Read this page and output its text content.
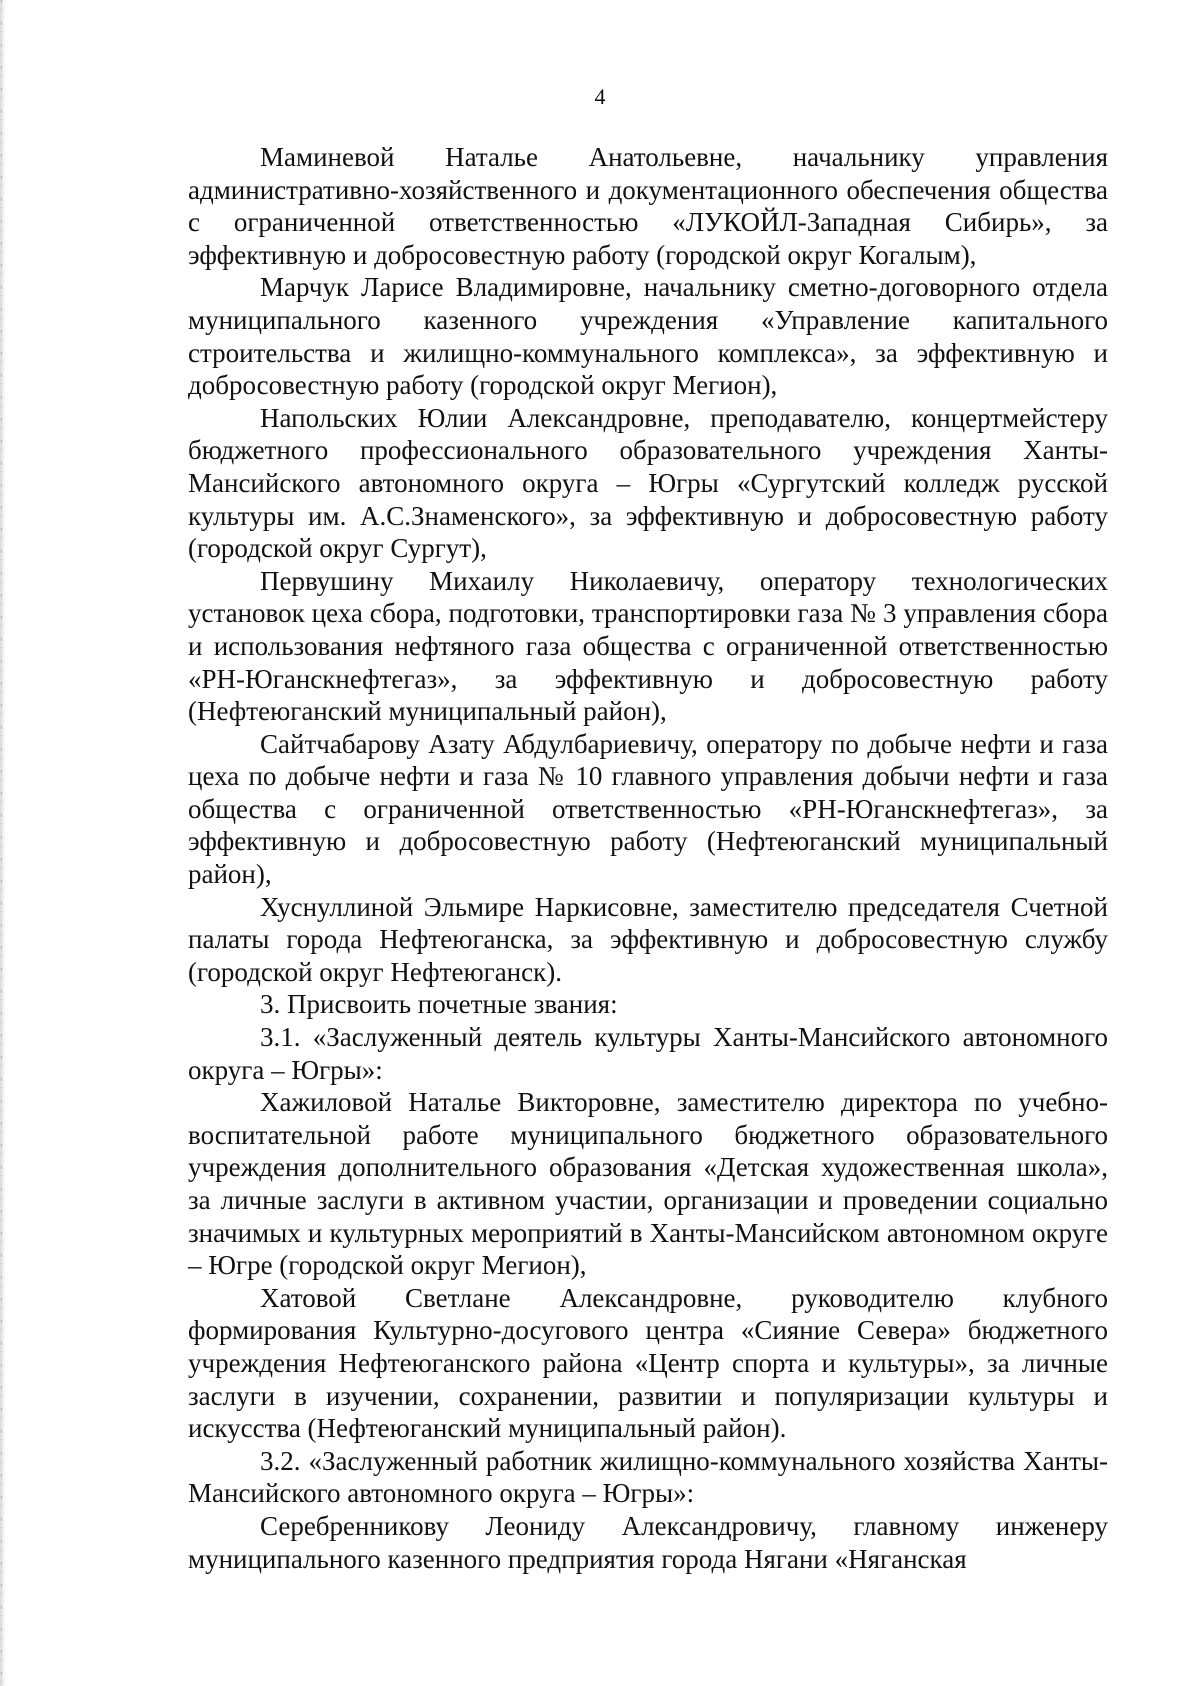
4

Маминевой Наталье Анатольевне, начальнику управления административно-хозяйственного и документационного обеспечения общества с ограниченной ответственностью «ЛУКОЙЛ-Западная Сибирь», за эффективную и добросовестную работу (городской округ Когалым),

Марчук Ларисе Владимировне, начальнику сметно-договорного отдела муниципального казенного учреждения «Управление капитального строительства и жилищно-коммунального комплекса», за эффективную и добросовестную работу (городской округ Мегион),

Напольских Юлии Александровне, преподавателю, концертмейстеру бюджетного профессионального образовательного учреждения Ханты-Мансийского автономного округа – Югры «Сургутский колледж русской культуры им. А.С.Знаменского», за эффективную и добросовестную работу (городской округ Сургут),

Первушину Михаилу Николаевичу, оператору технологических установок цеха сбора, подготовки, транспортировки газа № 3 управления сбора и использования нефтяного газа общества с ограниченной ответственностью «РН-Юганскнефтегаз», за эффективную и добросовестную работу (Нефтеюганский муниципальный район),

Сайтчабарову Азату Абдулбариевичу, оператору по добыче нефти и газа цеха по добыче нефти и газа № 10 главного управления добычи нефти и газа общества с ограниченной ответственностью «РН-Юганскнефтегаз», за эффективную и добросовестную работу (Нефтеюганский муниципальный район),

Хуснуллиной Эльмире Наркисовне, заместителю председателя Счетной палаты города Нефтеюганска, за эффективную и добросовестную службу (городской округ Нефтеюганск).

3. Присвоить почетные звания:

3.1. «Заслуженный деятель культуры Ханты-Мансийского автономного округа – Югры»:

Хажиловой Наталье Викторовне, заместителю директора по учебно-воспитательной работе муниципального бюджетного образовательного учреждения дополнительного образования «Детская художественная школа», за личные заслуги в активном участии, организации и проведении социально значимых и культурных мероприятий в Ханты-Мансийском автономном округе – Югре (городской округ Мегион),

Хатовой Светлане Александровне, руководителю клубного формирования Культурно-досугового центра «Сияние Севера» бюджетного учреждения Нефтеюганского района «Центр спорта и культуры», за личные заслуги в изучении, сохранении, развитии и популяризации культуры и искусства (Нефтеюганский муниципальный район).

3.2. «Заслуженный работник жилищно-коммунального хозяйства Ханты-Мансийского автономного округа – Югры»:

Серебренникову Леониду Александровичу, главному инженеру муниципального казенного предприятия города Нягани «Няганская
